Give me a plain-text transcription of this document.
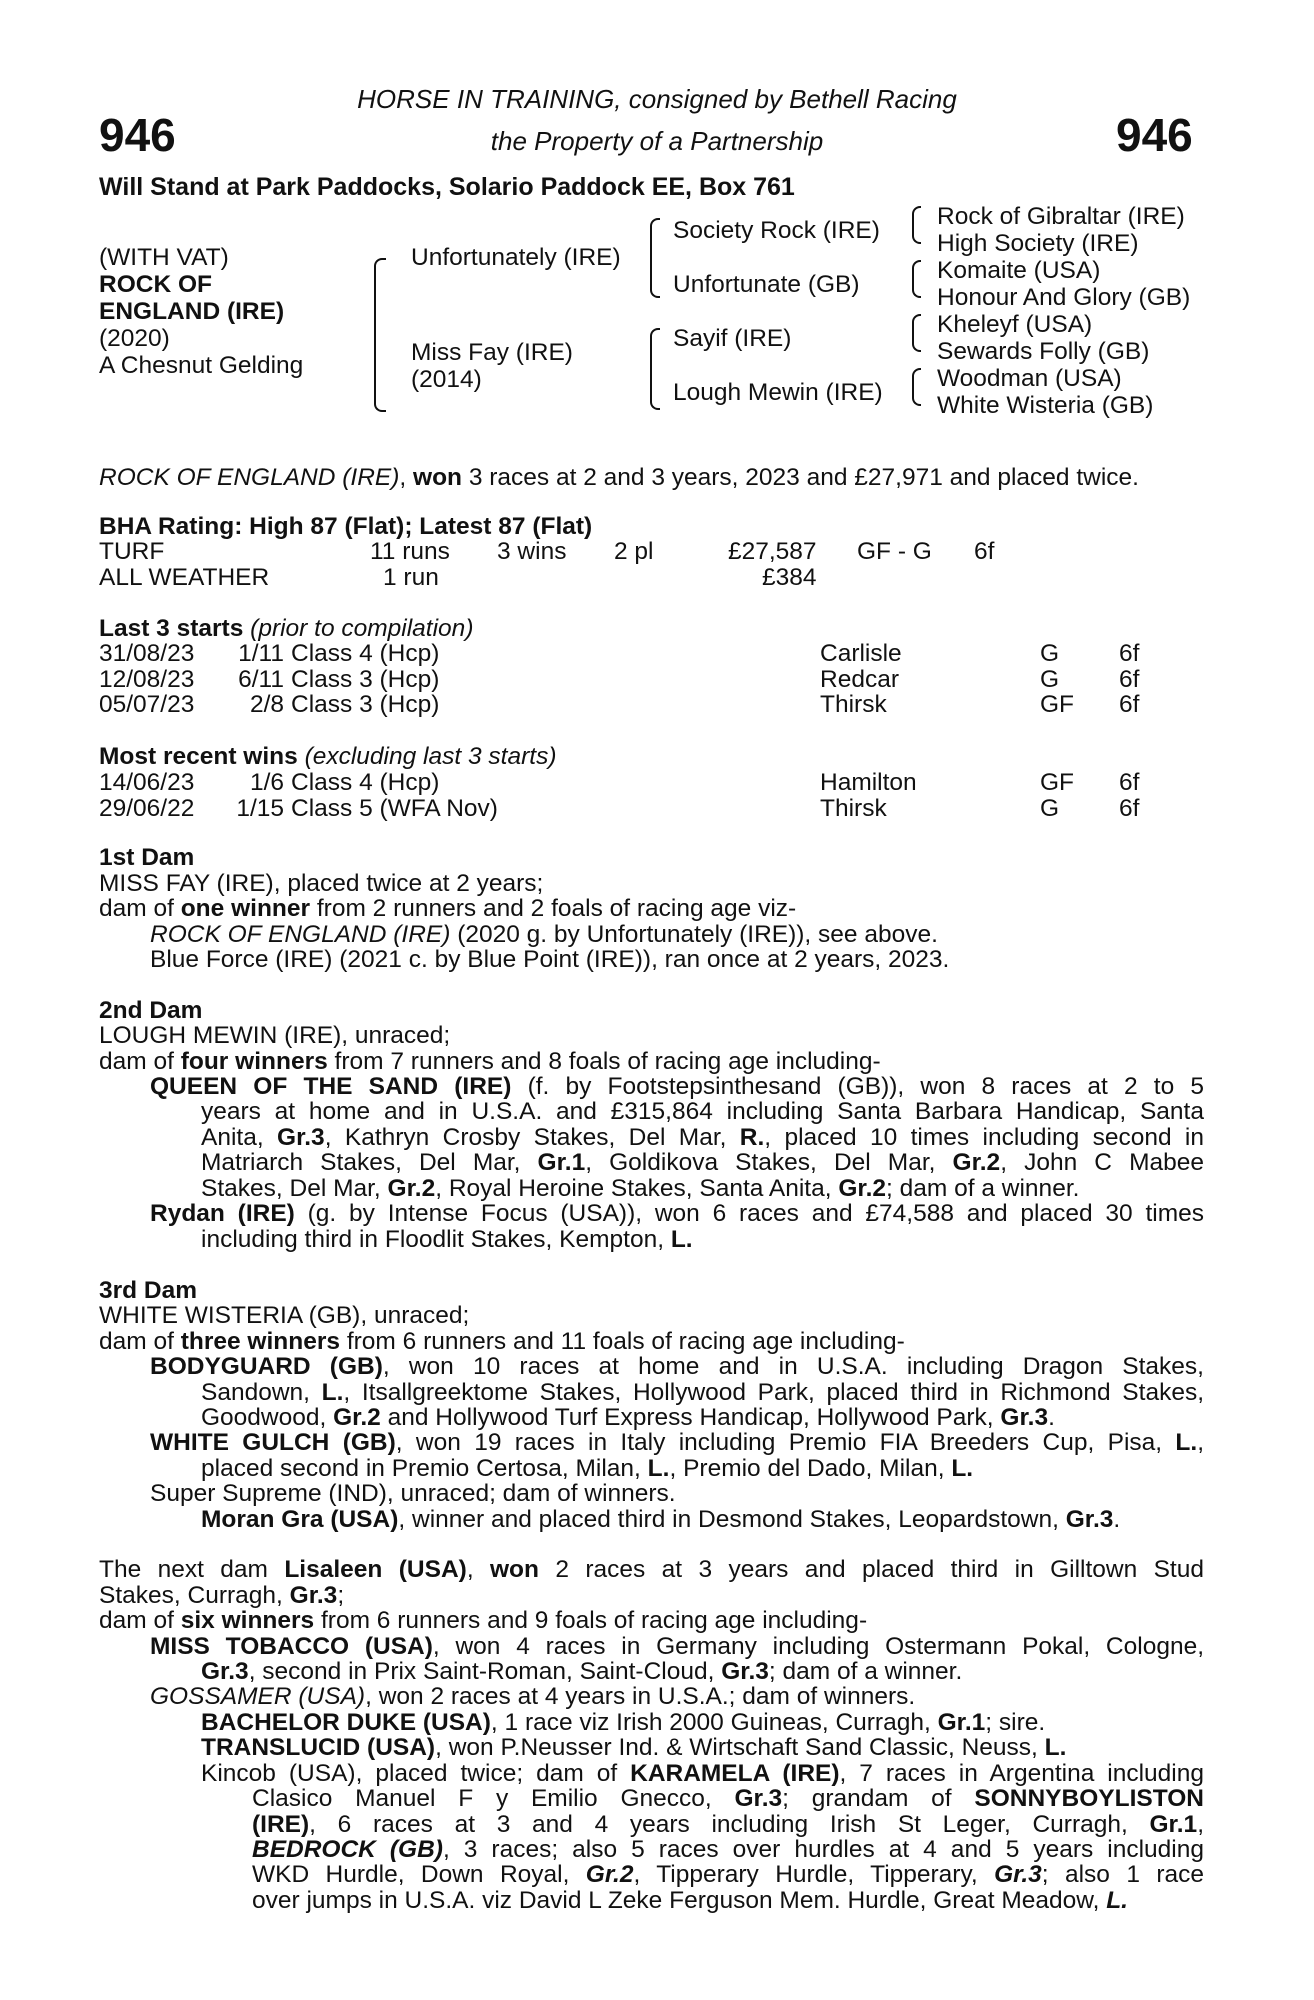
HORSE IN TRAINING, consigned by Bethell Racing
the Property of a Partnership
946	946
Will Stand at Park Paddocks, Solario Paddock EE, Box 761
(WITH VAT)
ROCK OF
ENGLAND (IRE)
(2020)
A Chesnut Gelding
Unfortunately (IRE)
Miss Fay (IRE)
(2014)
Society Rock (IRE)
Unfortunate (GB)
Sayif (IRE)
Lough Mewin (IRE)
Rock of Gibraltar (IRE)
High Society (IRE)
Komaite (USA)
Honour And Glory (GB)
Kheleyf (USA)
Sewards Folly (GB)
Woodman (USA)
White Wisteria (GB)
ROCK OF ENGLAND (IRE), won 3 races at 2 and 3 years, 2023 and £27,971 and placed twice.
BHA Rating: High 87 (Flat); Latest 87 (Flat)
TURF	11 runs 3 wins 2 pl	£27,587 GF - G 6f
ALL WEATHER	1 run	£384
Last 3 starts (prior to compilation)
31/08/23	1/11 Class 4 (Hcp)	Carlisle	G 6f
12/08/23	6/11 Class 3 (Hcp)	Redcar	G 6f
05/07/23	2/8 Class 3 (Hcp)	Thirsk	GF 6f
Most recent wins (excluding last 3 starts)
14/06/23	1/6 Class 4 (Hcp)	Hamilton	GF 6f
29/06/22	1/15 Class 5 (WFA Nov)	Thirsk	G 6f
1st Dam
MISS FAY (IRE), placed twice at 2 years;
dam of one winner from 2 runners and 2 foals of racing age viz-
ROCK OF ENGLAND (IRE) (2020 g. by Unfortunately (IRE)), see above.
Blue Force (IRE) (2021 c. by Blue Point (IRE)), ran once at 2 years, 2023.
2nd Dam
LOUGH MEWIN (IRE), unraced;
dam of four winners from 7 runners and 8 foals of racing age including-
QUEEN OF THE SAND (IRE) (f. by Footstepsinthesand (GB)), won 8 races at 2 to 5
years at home and in U.S.A. and £315,864 including Santa Barbara Handicap, Santa
Anita, Gr.3, Kathryn Crosby Stakes, Del Mar, R., placed 10 times including second in
Matriarch Stakes, Del Mar, Gr.1, Goldikova Stakes, Del Mar, Gr.2, John C Mabee
Stakes, Del Mar, Gr.2, Royal Heroine Stakes, Santa Anita, Gr.2; dam of a winner.
Rydan (IRE) (g. by Intense Focus (USA)), won 6 races and £74,588 and placed 30 times
including third in Floodlit Stakes, Kempton, L.
3rd Dam
WHITE WISTERIA (GB), unraced;
dam of three winners from 6 runners and 11 foals of racing age including-
BODYGUARD (GB), won 10 races at home and in U.S.A. including Dragon Stakes,
Sandown, L., Itsallgreektome Stakes, Hollywood Park, placed third in Richmond Stakes,
Goodwood, Gr.2 and Hollywood Turf Express Handicap, Hollywood Park, Gr.3.
WHITE GULCH (GB), won 19 races in Italy including Premio FIA Breeders Cup, Pisa, L.,
placed second in Premio Certosa, Milan, L., Premio del Dado, Milan, L.
Super Supreme (IND), unraced; dam of winners.
Moran Gra (USA), winner and placed third in Desmond Stakes, Leopardstown, Gr.3.
The next dam Lisaleen (USA), won 2 races at 3 years and placed third in Gilltown Stud
Stakes, Curragh, Gr.3;
dam of six winners from 6 runners and 9 foals of racing age including-
MISS TOBACCO (USA), won 4 races in Germany including Ostermann Pokal, Cologne,
Gr.3, second in Prix Saint-Roman, Saint-Cloud, Gr.3; dam of a winner.
GOSSAMER (USA), won 2 races at 4 years in U.S.A.; dam of winners.
BACHELOR DUKE (USA), 1 race viz Irish 2000 Guineas, Curragh, Gr.1; sire.
TRANSLUCID (USA), won P.Neusser Ind. & Wirtschaft Sand Classic, Neuss, L.
Kincob (USA), placed twice; dam of KARAMELA (IRE), 7 races in Argentina including
Clasico Manuel F y Emilio Gnecco, Gr.3; grandam of SONNYBOYLISTON
(IRE), 6 races at 3 and 4 years including Irish St Leger, Curragh, Gr.1,
BEDROCK (GB), 3 races; also 5 races over hurdles at 4 and 5 years including
WKD Hurdle, Down Royal, Gr.2, Tipperary Hurdle, Tipperary, Gr.3; also 1 race
over jumps in U.S.A. viz David L Zeke Ferguson Mem. Hurdle, Great Meadow, L.
